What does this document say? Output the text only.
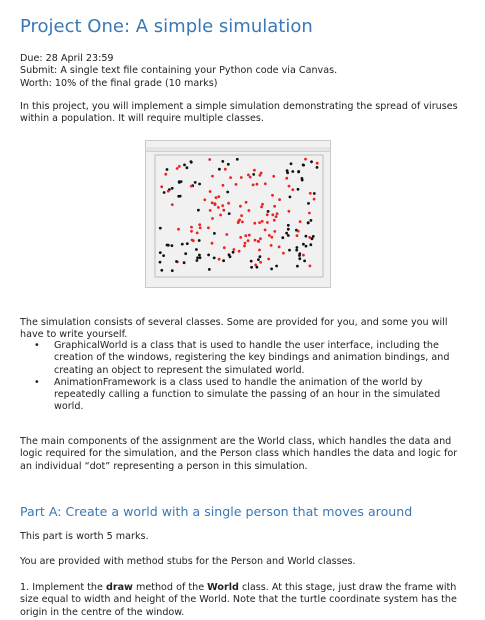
Project One: A simple simulation
Due: 28 April 23:59
Submit: A single text file containing your Python code via Canvas.
Worth: 10% of the final grade (10 marks)
In this project, you will implement a simple simulation demonstrating the spread of viruses within a population. It will require multiple classes.
The simulation consists of several classes. Some are provided for you, and some you will have to write yourself.
• GraphicalWorld is a class that is used to handle the user interface, including the creation of the windows, registering the key bindings and animation bindings, and creating an object to represent the simulated world.
• AnimationFramework is a class used to handle the animation of the world by repeatedly calling a function to simulate the passing of an hour in the simulated world.
The main components of the assignment are the World class, which handles the data and logic required for the simulation, and the Person class which handles the data and logic for an individual “dot” representing a person in this simulation.
Part A: Create a world with a single person that moves around
This part is worth 5 marks.
You are provided with method stubs for the Person and World classes.
1. Implement the draw method of the World class. At this stage, just draw the frame with size equal to width and height of the World. Note that the turtle coordinate system has the origin in the centre of the window.
